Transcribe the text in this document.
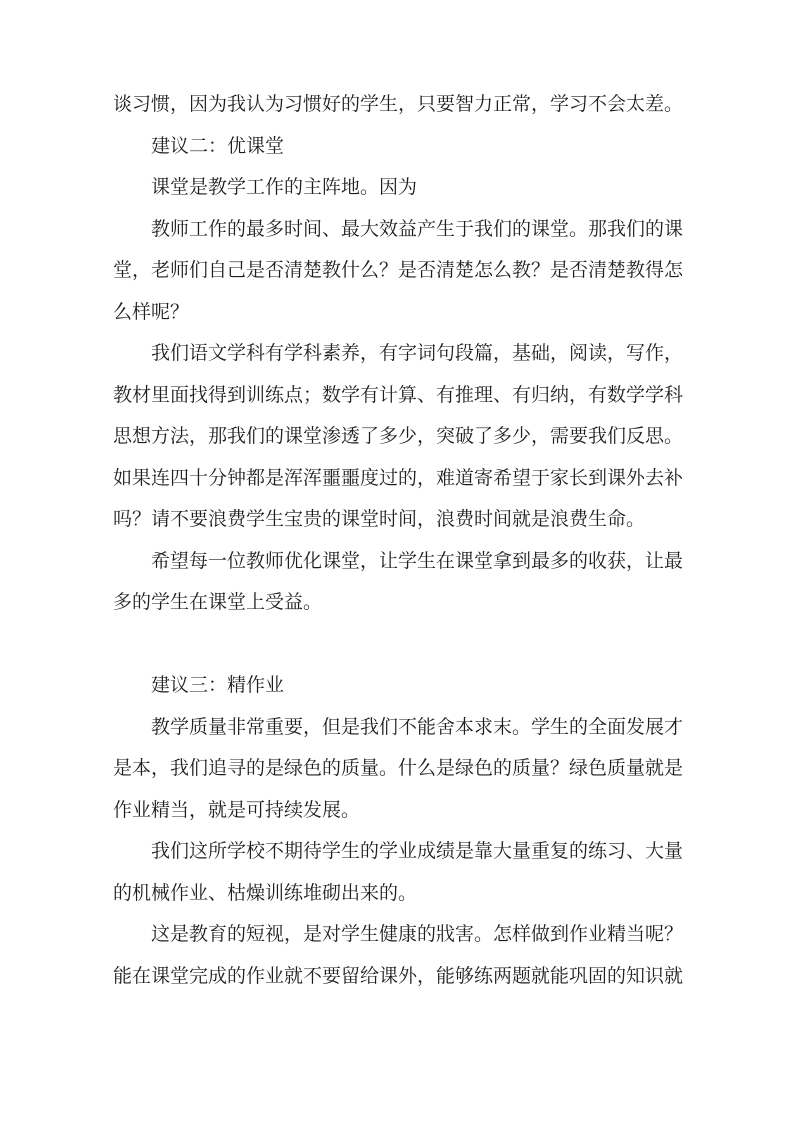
谈习惯，因为我认为习惯好的学生，只要智力正常，学习不会太差。

建议二：优课堂

课堂是教学工作的主阵地。因为

教师工作的最多时间、最大效益产生于我们的课堂。那我们的课堂，老师们自己是否清楚教什么？是否清楚怎么教？是否清楚教得怎么样呢？

我们语文学科有学科素养，有字词句段篇，基础，阅读，写作，教材里面找得到训练点；数学有计算、有推理、有归纳，有数学学科思想方法，那我们的课堂渗透了多少，突破了多少，需要我们反思。如果连四十分钟都是浑浑噩噩度过的，难道寄希望于家长到课外去补吗？请不要浪费学生宝贵的课堂时间，浪费时间就是浪费生命。

希望每一位教师优化课堂，让学生在课堂拿到最多的收获，让最多的学生在课堂上受益。

建议三：精作业

教学质量非常重要，但是我们不能舍本求末。学生的全面发展才是本，我们追寻的是绿色的质量。什么是绿色的质量？绿色质量就是作业精当，就是可持续发展。

我们这所学校不期待学生的学业成绩是靠大量重复的练习、大量的机械作业、枯燥训练堆砌出来的。

这是教育的短视，是对学生健康的戕害。怎样做到作业精当呢？能在课堂完成的作业就不要留给课外，能够练两题就能巩固的知识就
